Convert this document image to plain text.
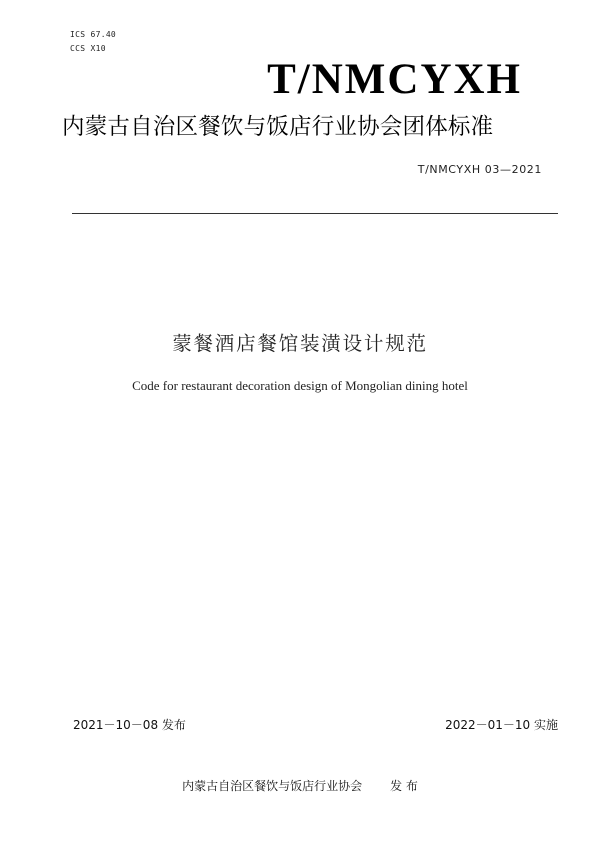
ICS 67.40
CCS X10
T/NMCYXH
内蒙古自治区餐饮与饭店行业协会团体标准
T/NMCYXH 03—2021
蒙餐酒店餐馆装潢设计规范
Code for restaurant decoration design of Mongolian dining hotel
2021－10－08 发布	2022－01－10 实施
内蒙古自治区餐饮与饭店行业协会 发 布
